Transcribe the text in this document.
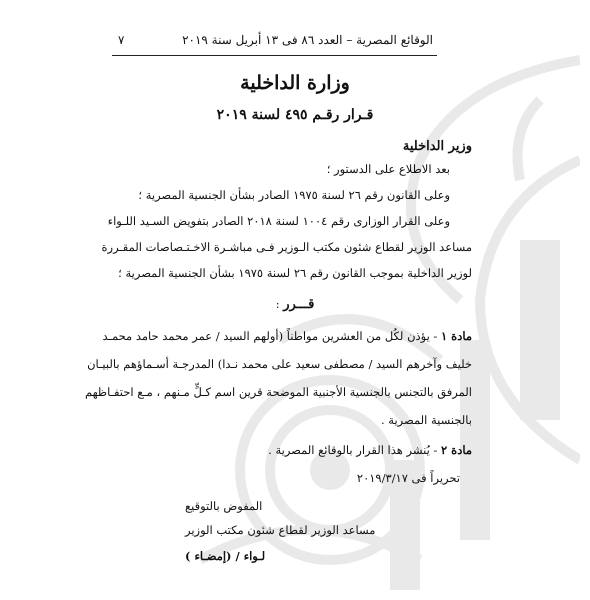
الوقائع المصرية – العدد ٨٦ فى ١٣ أبريل سنة ٢٠١٩
٧
وزارة الداخلية
قـرار رقـم ٤٩٥ لسنة ٢٠١٩
وزير الداخلية
بعد الاطلاع على الدستور ؛
وعلى القانون رقم ٢٦ لسنة ١٩٧٥ الصادر بشأن الجنسية المصرية ؛
وعلى القرار الوزارى رقم ١٠٠٤ لسنة ٢٠١٨ الصادر بتفويض السـيد اللـواء
مساعد الوزير لقطاع شئون مكتب الـوزير فـى مباشـرة الاخـتـصاصات المقـررة
لوزير الداخلية بموجب القانون رقم ٢٦ لسنة ١٩٧٥ بشأن الجنسية المصرية ؛
قـــرر :
مادة ١ - يؤذن لكُل من العشرين مواطناً (أولهم السيد / عمر محمد حامد محمـد
خليف وآخرهم السيد / مصطفى سعيد على محمد نـدا) المدرجـة أسـماؤهم بالبيـان
المرفق بالتجنس بالجنسية الأجنبية الموضحة قرين اسم كـلٍّ مـنهم ، مـع احتفـاظهم
بالجنسية المصرية .
مادة ٢ - يُنشر هذا القرار بالوقائع المصرية .
تحريراً فى ٢٠١٩/٣/١٧
المفوض بالتوقيع
مساعد الوزير لقطاع شئون مكتب الوزير
لـواء / (إمضـاء )
